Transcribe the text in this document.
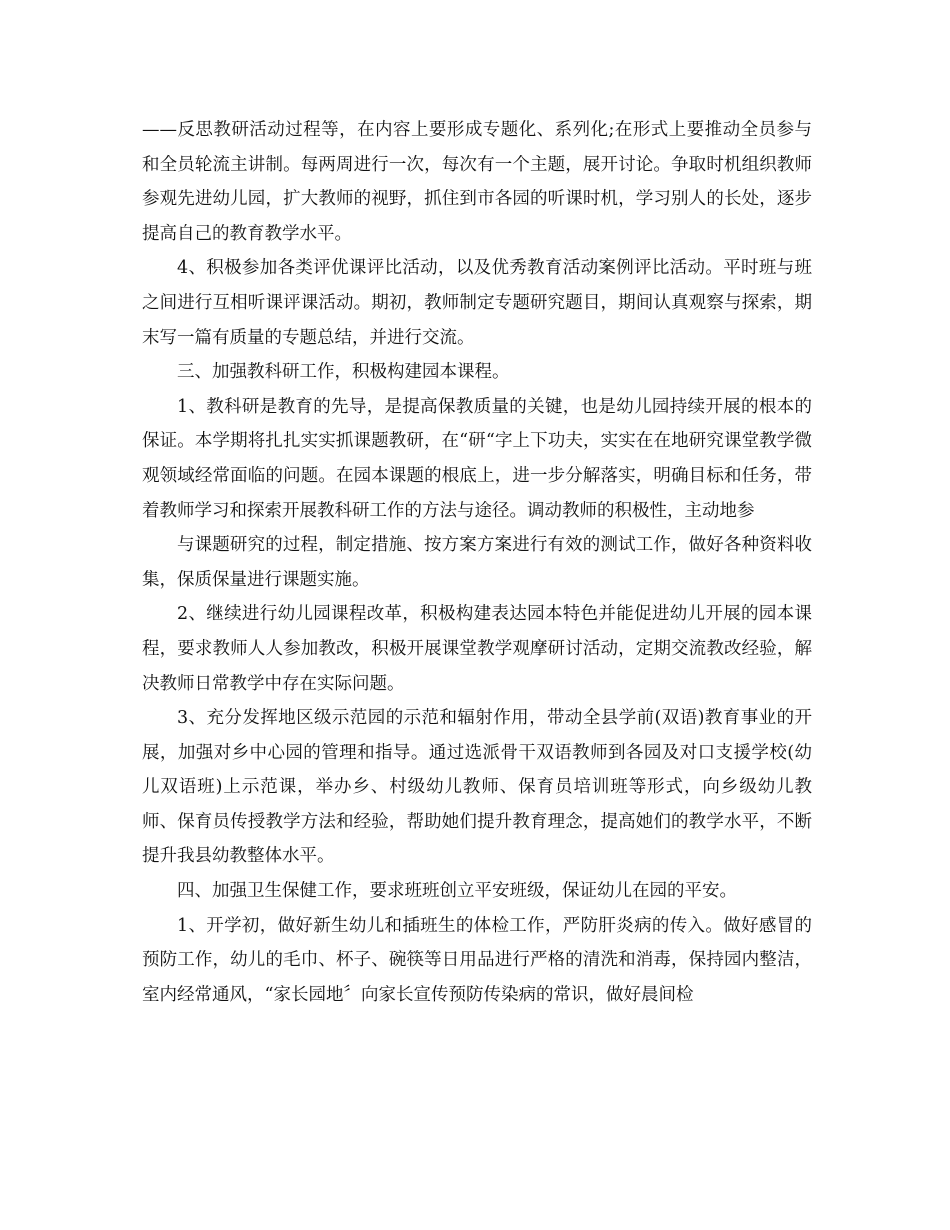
——反思教研活动过程等，在内容上要形成专题化、系列化;在形式上要推动全员参与和全员轮流主讲制。每两周进行一次，每次有一个主题，展开讨论。争取时机组织教师参观先进幼儿园，扩大教师的视野，抓住到市各园的听课时机，学习别人的长处，逐步提高自己的教育教学水平。

4、积极参加各类评优课评比活动，以及优秀教育活动案例评比活动。平时班与班之间进行互相听课评课活动。期初，教师制定专题研究题目，期间认真观察与探索，期末写一篇有质量的专题总结，并进行交流。

三、加强教科研工作，积极构建园本课程。

1、教科研是教育的先导，是提高保教质量的关键，也是幼儿园持续开展的根本的保证。本学期将扎扎实实抓课题教研，在“研“字上下功夫，实实在在地研究课堂教学微观领域经常面临的问题。在园本课题的根底上，进一步分解落实，明确目标和任务，带着教师学习和探索开展教科研工作的方法与途径。调动教师的积极性，主动地参

与课题研究的过程，制定措施、按方案方案进行有效的测试工作，做好各种资料收集，保质保量进行课题实施。

2、继续进行幼儿园课程改革，积极构建表达园本特色并能促进幼儿开展的园本课程，要求教师人人参加教改，积极开展课堂教学观摩研讨活动，定期交流教改经验，解决教师日常教学中存在实际问题。

3、充分发挥地区级示范园的示范和辐射作用，带动全县学前(双语)教育事业的开展，加强对乡中心园的管理和指导。通过选派骨干双语教师到各园及对口支援学校(幼儿双语班)上示范课，举办乡、村级幼儿教师、保育员培训班等形式，向乡级幼儿教师、保育员传授教学方法和经验，帮助她们提升教育理念，提高她们的教学水平，不断提升我县幼教整体水平。

四、加强卫生保健工作，要求班班创立平安班级，保证幼儿在园的平安。

1、开学初，做好新生幼儿和插班生的体检工作，严防肝炎病的传入。做好感冒的预防工作，幼儿的毛巾、杯子、碗筷等日用品进行严格的清洗和消毒，保持园内整洁，室内经常通风，“家长园地〞向家长宣传预防传染病的常识，做好晨间检
